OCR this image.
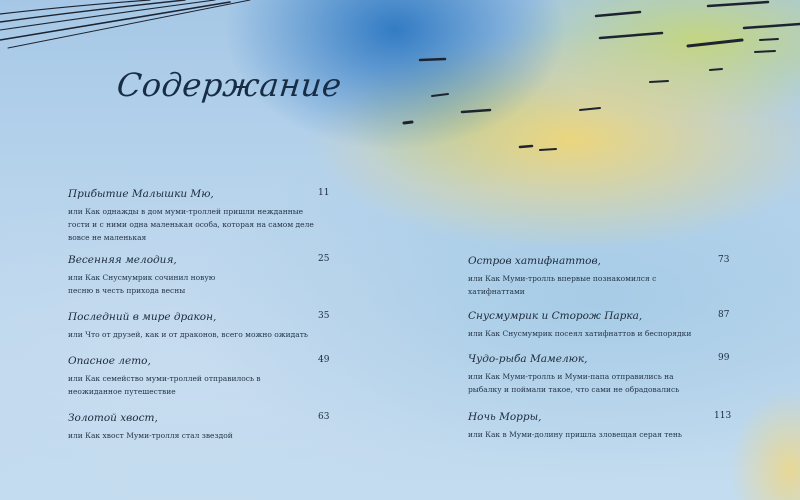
Содержание
Прибытие Малышки Мю,	11
или Как однажды в дом муми-троллей пришли нежданные гости и с ними одна маленькая особа, которая на самом деле вовсе не маленькая
Весенняя мелодия,	25
или Как Снусмумрик сочинил новую песню в честь прихода весны
Последний в мире дракон,	35
или Что от друзей, как и от драконов, всего можно ожидать
Опасное лето,	49
или Как семейство муми-троллей отправилось в неожиданное путешествие
Золотой хвост,	63
или Как хвост Муми-тролля стал звездой
Остров хатифнаттов,	73
или Как Муми-тролль впервые познакомился с хатифнаттами
Снусмумрик и Сторож Парка,	87
или Как Снусмумрик посеял хатифнаттов и беспорядки
Чудо-рыба Мамелюк,	99
или Как Муми-тролль и Муми-папа отправились на рыбалку и поймали такое, что сами не обрадовались
Ночь Морры,	113
или Как в Муми-долину пришла зловещая серая тень
